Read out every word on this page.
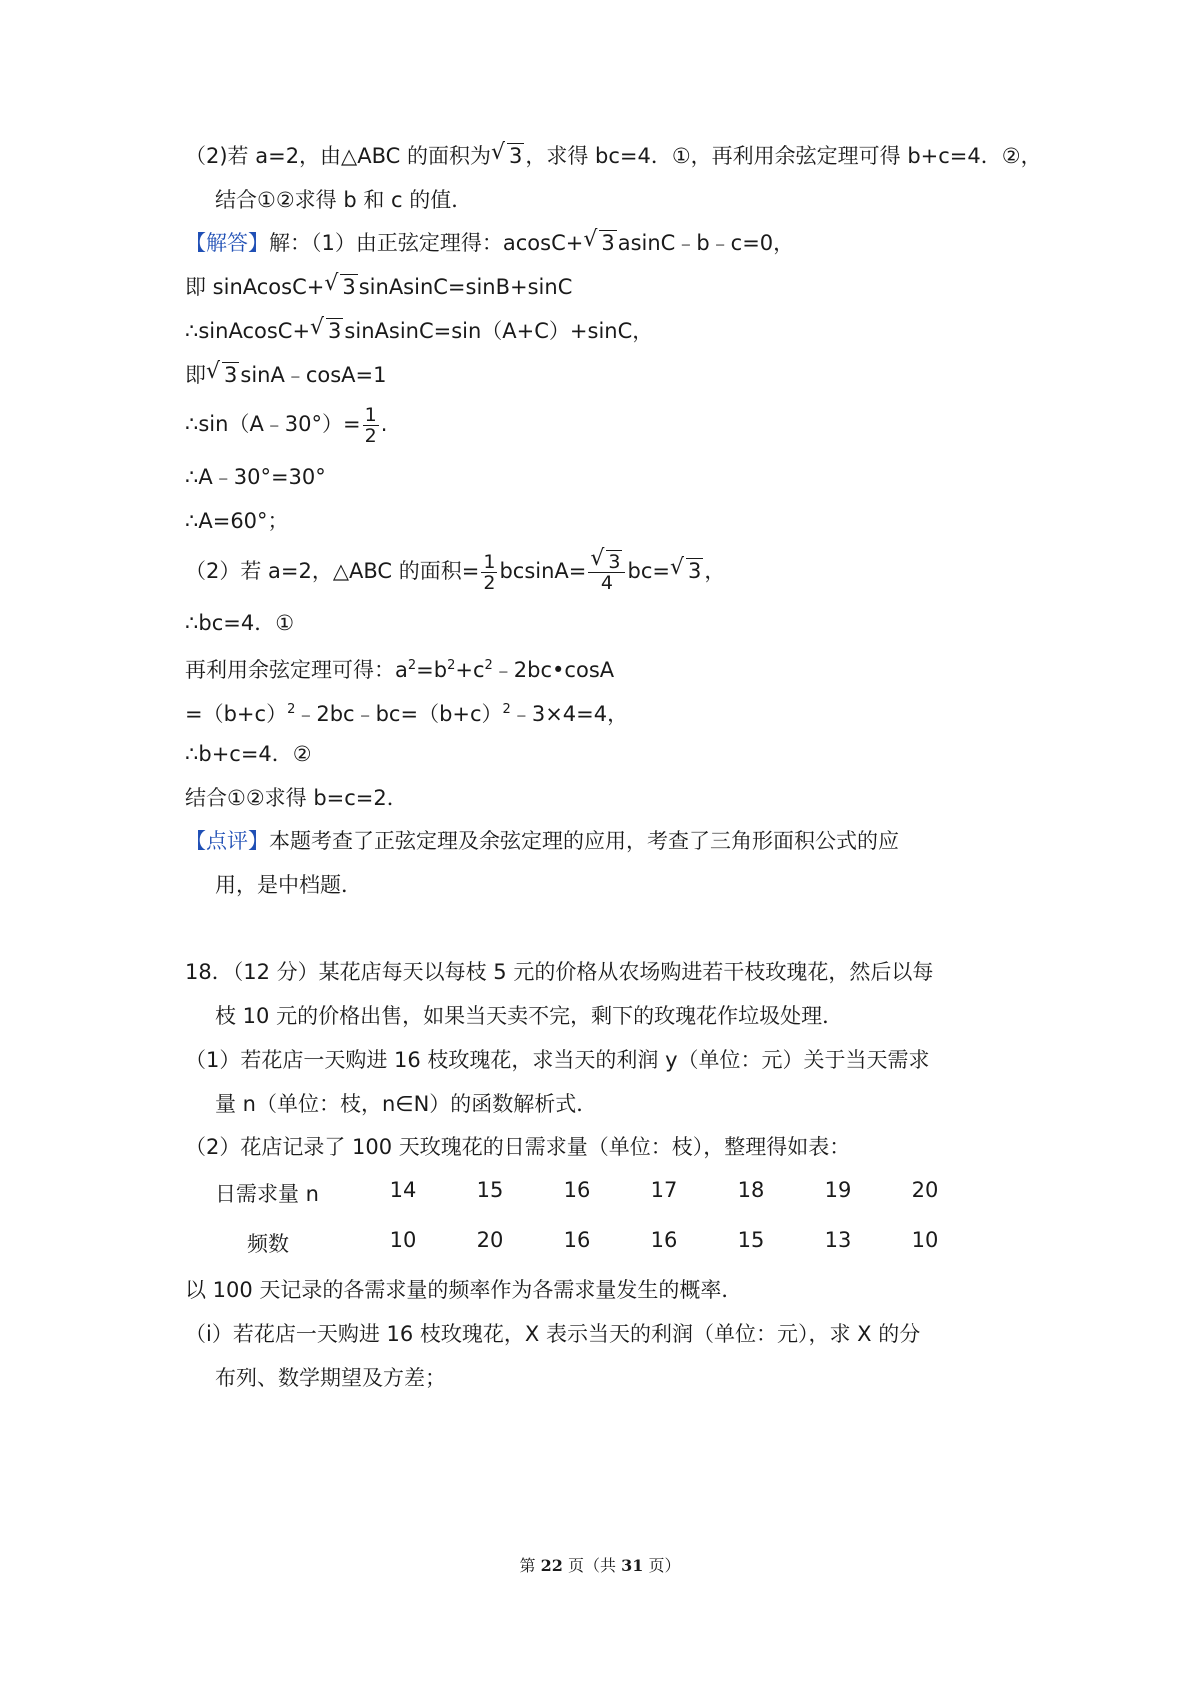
（2)若 a=2，由△ABC 的面积为√ 3 ，求得 bc=4．①，再利用余弦定理可得 b+c=4．②，
结合①②求得 b 和 c 的值．
【解答】解：（1）由正弦定理得：acosC+√ 3 asinC﹣b﹣c=0，
即 sinAcosC+√ 3 sinAsinC=sinB+sinC
∴sinAcosC+√ 3 sinAsinC=sin（A+C）+sinC，
即√ 3 sinA﹣cosA=1
∴sin（A﹣30°）= $\frac{1}{2}$ .
∴A﹣30°=30°
∴A=60°；
（2）若 a=2，△ABC 的面积= $\frac{1}{2} bcsinA=$
√ $\frac{3}{4} bc=√$ 3 ，
∴bc=4．①
再利用余弦定理可得：$a^2=b^2+c^2﹣2bc•\cos A$
$=(b+c)^2﹣2bc﹣bc=(b+c)^2﹣3\times 4=4$，
∴b+c=4．②
结合①②求得 b=c=2．
【点评】本题考查了正弦定理及余弦定理的应用，考查了三角形面积公式的应
用，是中档题．
18．（12 分）某花店每天以每枝 5 元的价格从农场购进若干枝玫瑰花，然后以每
枝 10 元的价格出售，如果当天卖不完，剩下的玫瑰花作垃圾处理．
（1）若花店一天购进 16 枝玫瑰花，求当天的利润 y（单位：元）关于当天需求
量 n（单位：枝，n∈N）的函数解析式．
（2）花店记录了 100 天玫瑰花的日需求量（单位：枝），整理得如表：
日需求量 n	14	15	16	17	18	19	20
频数	10	20	16	16	15	13	10
以 100 天记录的各需求量的频率作为各需求量发生的概率．
（i）若花店一天购进 16 枝玫瑰花，X 表示当天的利润（单位：元），求 X 的分
布列、数学期望及方差；
第 22 页（共 31 页）
